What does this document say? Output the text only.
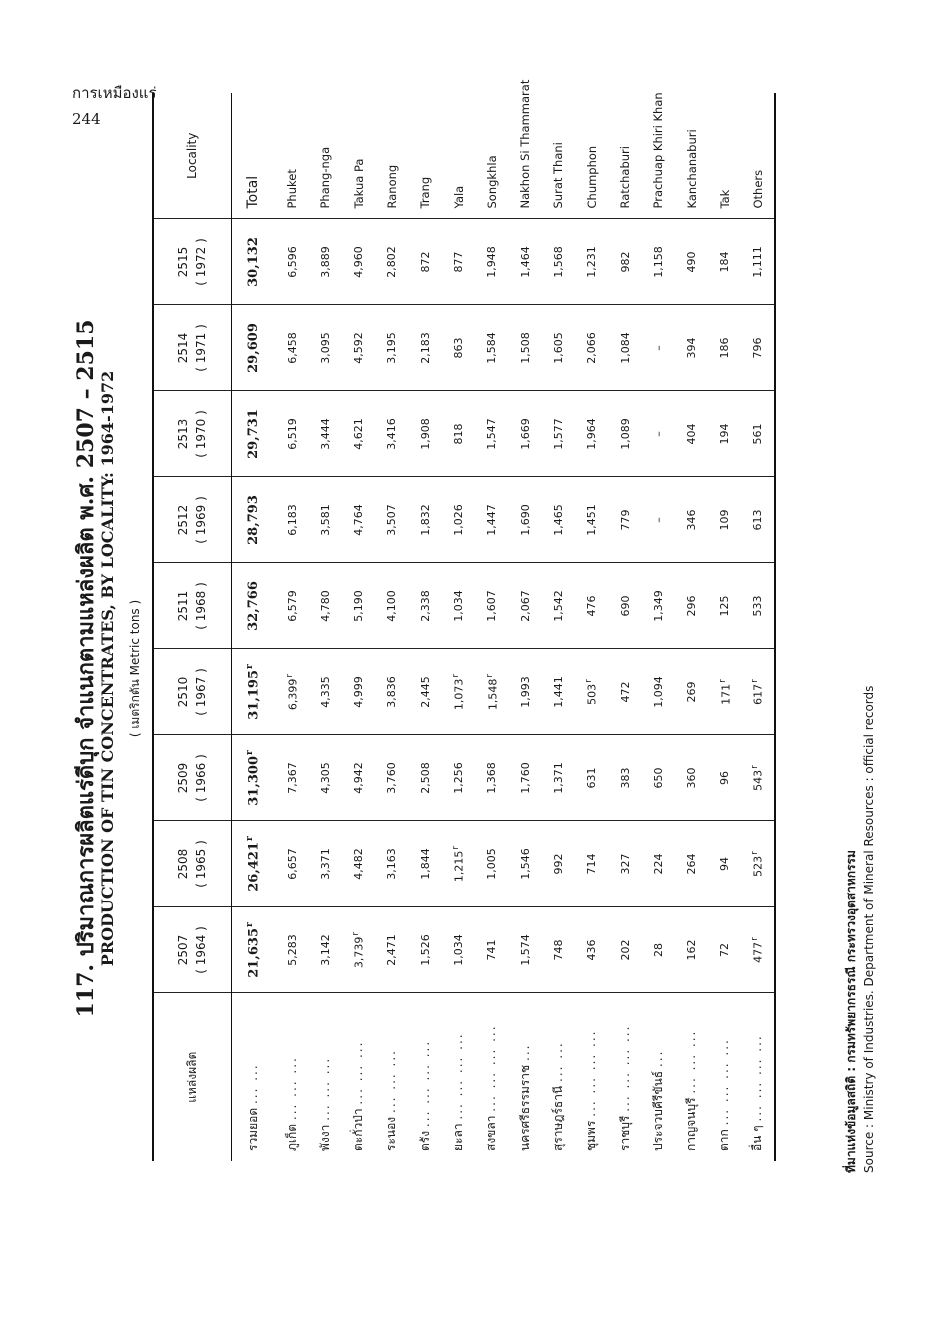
การเหมืองแร่
244
117. ปริมาณการผลิตแร่ดีบุก จำแนกตามแหล่งผลิต พ.ศ. 2507 – 2515 PRODUCTION OF TIN CONCENTRATES, BY LOCALITY: 1964-1972 ( เมตริกตัน Metric tons )
แหล่งผลิต	2507 ( 1964 )	2508 ( 1965 )	2509 ( 1966 )	2510 ( 1967 )	2511 ( 1968 )	2512 ( 1969 )	2513 ( 1970 )	2514 ( 1971 )	2515 ( 1972 )	Locality
รวมยอด ... ...	21,635$^r$	26,421$^r$	31,300$^r$	31,195$^r$	32,766	28,793	29,731	29,609	30,132	Total
ภูเก็ต ... ... ...	5,283	6,657	7,367	6,399$^r$	6,579	6,183	6,519	6,458	6,596	Phuket
พังงา ... ... ...	3,142	3,371	4,305	4,335	4,780	3,581	3,444	3,095	3,889	Phang-nga
ตะกั่วป่า ... ... ...	3,739$^r$	4,482	4,942	4,999	5,190	4,764	4,621	4,592	4,960	Takua Pa
ระนอง ... ... ...	2,471	3,163	3,760	3,836	4,100	3,507	3,416	3,195	2,802	Ranong
ตรัง ... ... ... ...	1,526	1,844	2,508	2,445	2,338	1,832	1,908	2,183	872	Trang
ยะลา ... ... ... ...	1,034	1,215$^r$	1,256	1,073$^r$	1,034	1,026	818	863	877	Yala
สงขลา ... ... ... ...	741	1,005	1,368	1,548$^r$	1,607	1,447	1,547	1,584	1,948	Songkhla
นครศรีธรรมราช ...	1,574	1,546	1,760	1,993	2,067	1,690	1,669	1,508	1,464	Nakhon Si Thammarat
สุราษฎร์ธานี ... ...	748	992	1,371	1,441	1,542	1,465	1,577	1,605	1,568	Surat Thani
ชุมพร ... ... ... ...	436	714	631	503$^r$	476	1,451	1,964	2,066	1,231	Chumphon
ราชบุรี ... ... ... ...	202	327	383	472	690	779	1,089	1,084	982	Ratchaburi
ประจวบคีรีขันธ์ ...	28	224	650	1,094	1,349	–	–	–	1,158	Prachuap Khiri Khan
กาญจนบุรี ... ... ...	162	264	360	269	296	346	404	394	490	Kanchanaburi
ตาก ... ... ... ...	72	94	96	171$^r$	125	109	194	186	184	Tak
อื่น ๆ ... ... ... ...	477$^r$	523$^r$	543$^r$	617$^r$	533	613	561	796	1,111	Others
ที่มาแห่งข้อมูลสถิติ : กรมทรัพยากรธรณี กระทรวงอุตสาหกรรม Source : Ministry of Industries. Department of Mineral Resources : official records
